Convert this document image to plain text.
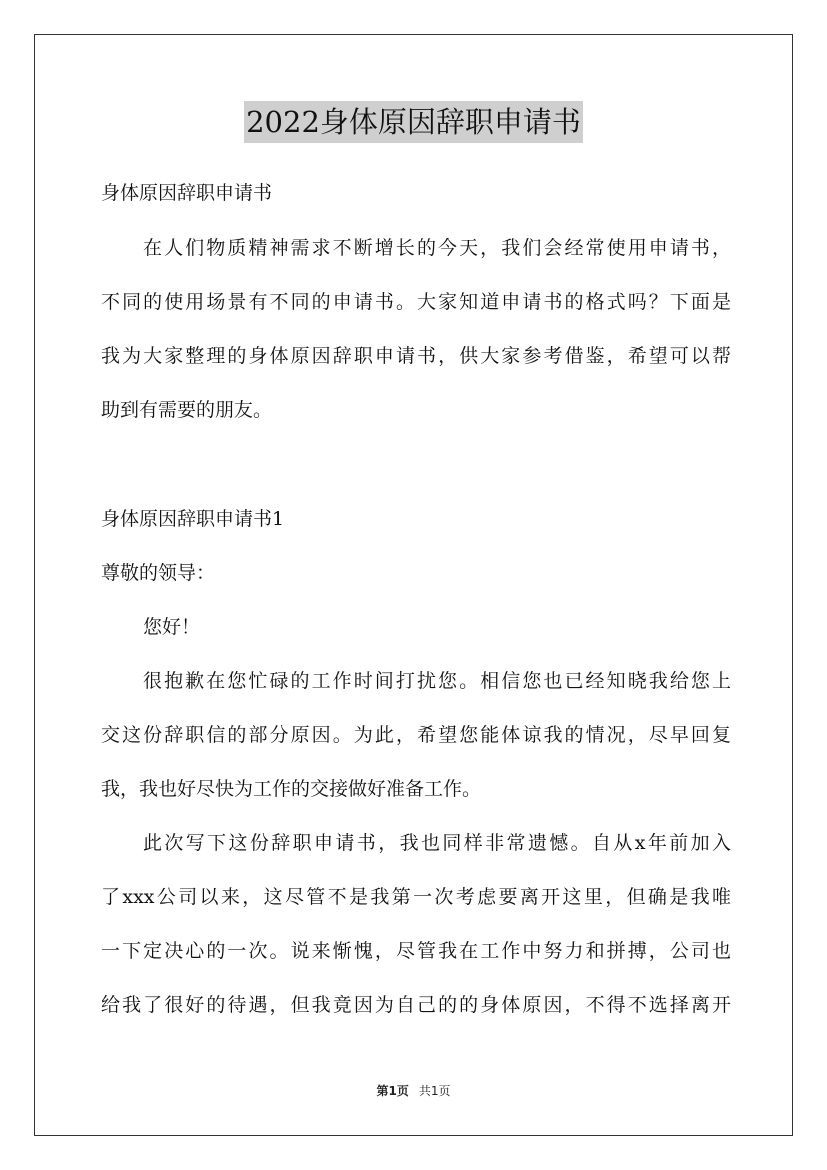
2022身体原因辞职申请书
身体原因辞职申请书
在人们物质精神需求不断增长的今天，我们会经常使用申请书，
不同的使用场景有不同的申请书。大家知道申请书的格式吗？下面是
我为大家整理的身体原因辞职申请书，供大家参考借鉴，希望可以帮
助到有需要的朋友。
身体原因辞职申请书1
尊敬的领导：
您好！
很抱歉在您忙碌的工作时间打扰您。相信您也已经知晓我给您上
交这份辞职信的部分原因。为此，希望您能体谅我的情况，尽早回复
我，我也好尽快为工作的交接做好准备工作。
此次写下这份辞职申请书，我也同样非常遗憾。自从x年前加入
了xxx公司以来，这尽管不是我第一次考虑要离开这里，但确是我唯
一下定决心的一次。说来惭愧，尽管我在工作中努力和拼搏，公司也
给我了很好的待遇，但我竟因为自己的的身体原因，不得不选择离开
第1页 共1页
